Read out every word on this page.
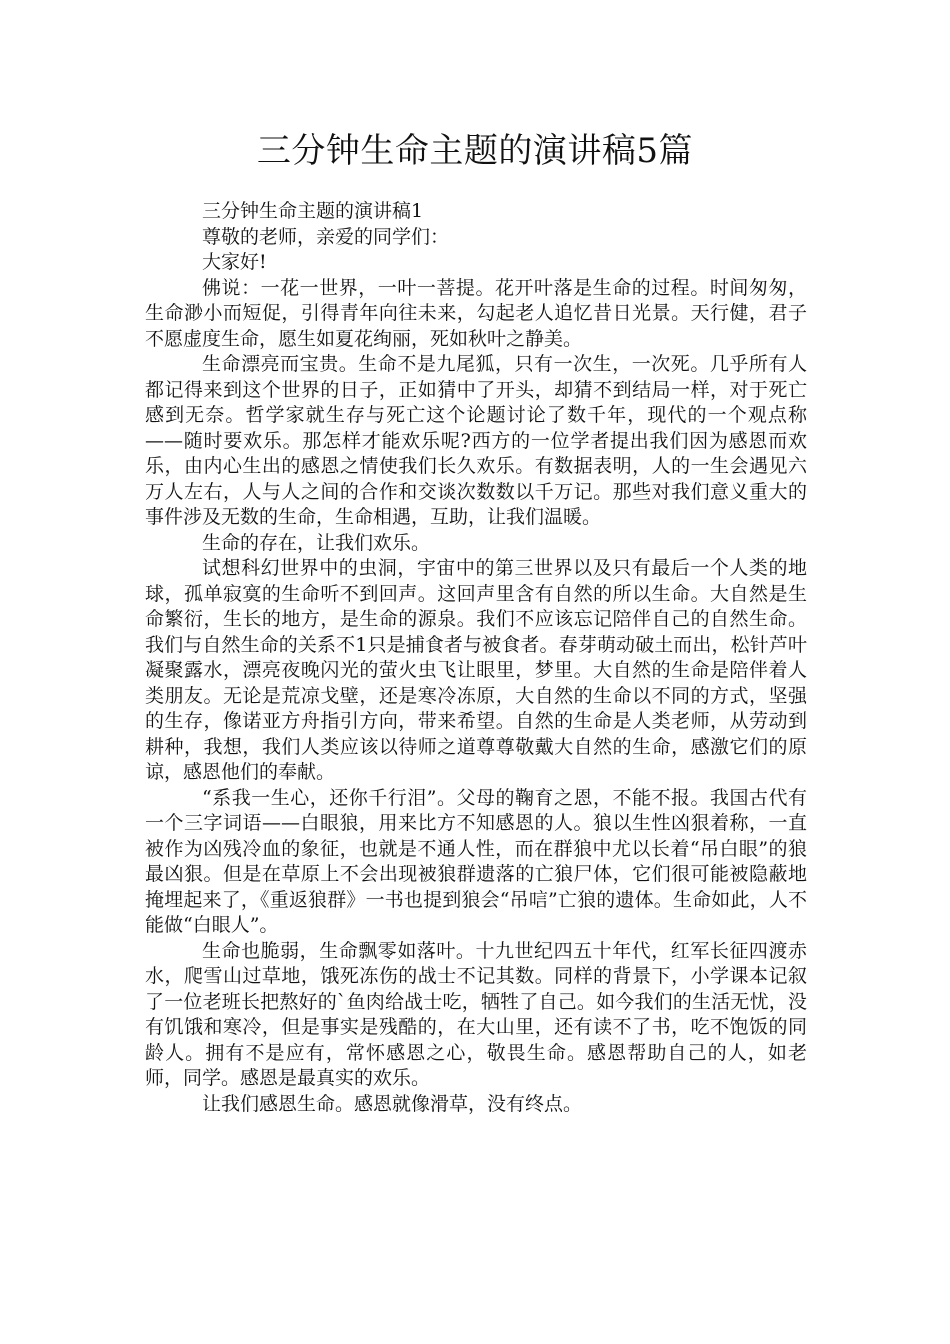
三分钟生命主题的演讲稿5篇

三分钟生命主题的演讲稿1

尊敬的老师，亲爱的同学们：

大家好!

佛说：一花一世界，一叶一菩提。花开叶落是生命的过程。时间匆匆，生命渺小而短促，引得青年向往未来，勾起老人追忆昔日光景。天行健，君子不愿虚度生命，愿生如夏花绚丽，死如秋叶之静美。

生命漂亮而宝贵。生命不是九尾狐，只有一次生，一次死。几乎所有人都记得来到这个世界的日子，正如猜中了开头，却猜不到结局一样，对于死亡感到无奈。哲学家就生存与死亡这个论题讨论了数千年，现代的一个观点称——随时要欢乐。那怎样才能欢乐呢?西方的一位学者提出我们因为感恩而欢乐，由内心生出的感恩之情使我们长久欢乐。有数据表明，人的一生会遇见六万人左右，人与人之间的合作和交谈次数数以千万记。那些对我们意义重大的事件涉及无数的生命，生命相遇，互助，让我们温暖。

生命的存在，让我们欢乐。

试想科幻世界中的虫洞，宇宙中的第三世界以及只有最后一个人类的地球，孤单寂寞的生命听不到回声。这回声里含有自然的所以生命。大自然是生命繁衍，生长的地方，是生命的源泉。我们不应该忘记陪伴自己的自然生命。我们与自然生命的关系不1只是捕食者与被食者。春芽萌动破土而出，松针芦叶凝聚露水，漂亮夜晚闪光的萤火虫飞让眼里，梦里。大自然的生命是陪伴着人类朋友。无论是荒凉戈壁，还是寒冷冻原，大自然的生命以不同的方式，坚强的生存，像诺亚方舟指引方向，带来希望。自然的生命是人类老师，从劳动到耕种，我想，我们人类应该以待师之道尊尊敬戴大自然的生命，感激它们的原谅，感恩他们的奉献。

“系我一生心，还你千行泪”。父母的鞠育之恩，不能不报。我国古代有一个三字词语——白眼狼，用来比方不知感恩的人。狼以生性凶狠着称，一直被作为凶残冷血的象征，也就是不通人性，而在群狼中尤以长着“吊白眼”的狼最凶狠。但是在草原上不会出现被狼群遗落的亡狼尸体，它们很可能被隐蔽地掩埋起来了，《重返狼群》一书也提到狼会“吊唁”亡狼的遗体。生命如此，人不能做“白眼人”。

生命也脆弱，生命飘零如落叶。十九世纪四五十年代，红军长征四渡赤水，爬雪山过草地，饿死冻伤的战士不记其数。同样的背景下，小学课本记叙了一位老班长把熬好的`鱼肉给战士吃，牺牲了自己。如今我们的生活无忧，没有饥饿和寒冷，但是事实是残酷的，在大山里，还有读不了书，吃不饱饭的同龄人。拥有不是应有，常怀感恩之心，敬畏生命。感恩帮助自己的人，如老师，同学。感恩是最真实的欢乐。

让我们感恩生命。感恩就像滑草，没有终点。
